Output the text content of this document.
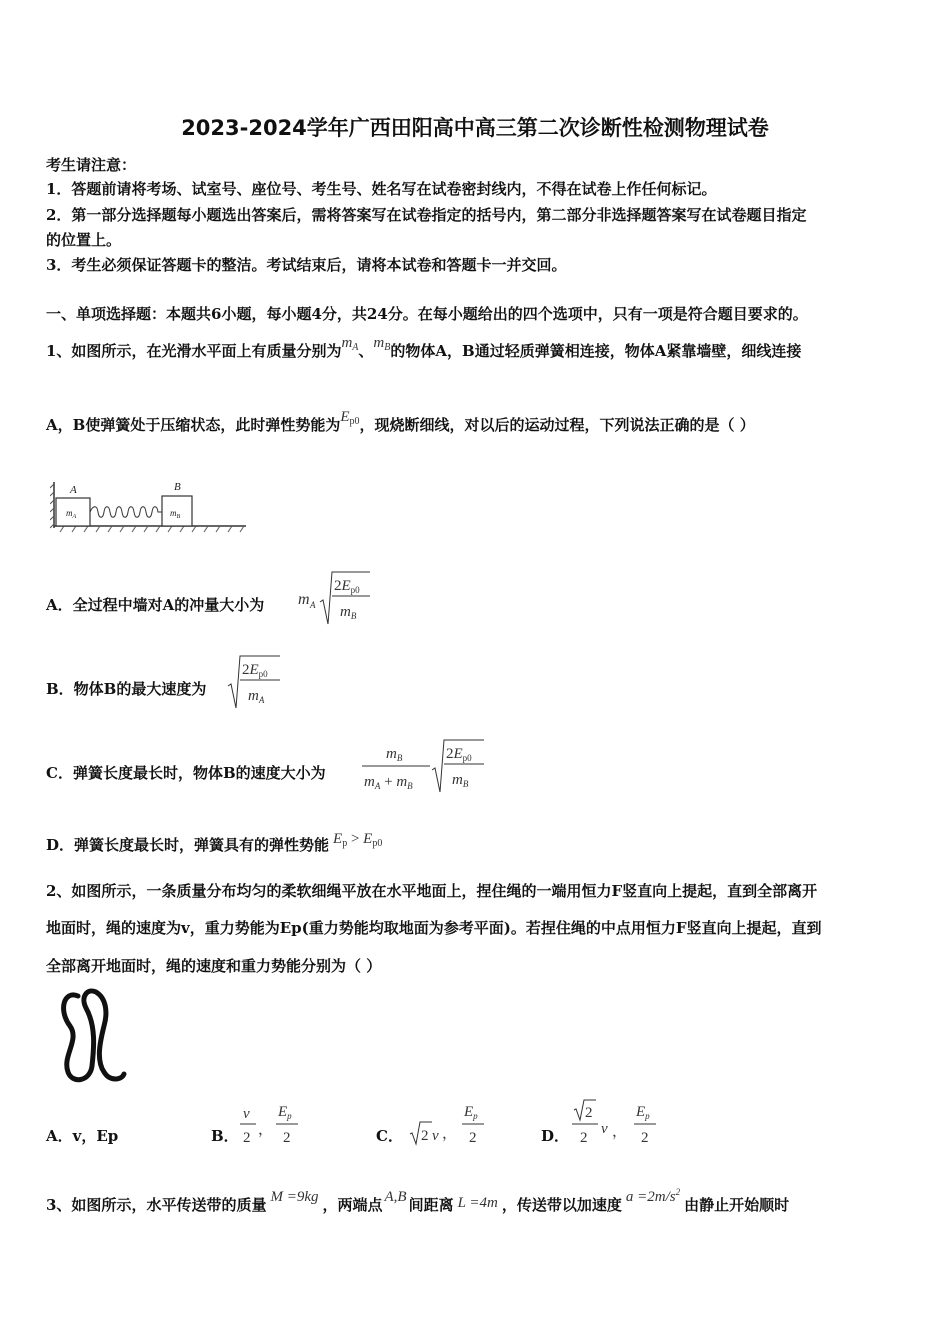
2023-2024学年广西田阳高中高三第二次诊断性检测物理试卷
考生请注意：
1．答题前请将考场、试室号、座位号、考生号、姓名写在试卷密封线内，不得在试卷上作任何标记。
2．第一部分选择题每小题选出答案后，需将答案写在试卷指定的括号内，第二部分非选择题答案写在试卷题目指定
的位置上。
3．考生必须保证答题卡的整洁。考试结束后，请将本试卷和答题卡一并交回。
一、单项选择题：本题共6小题，每小题4分，共24分。在每小题给出的四个选项中，只有一项是符合题目要求的。
1、如图所示，在光滑水平面上有质量分别为$m_A$、$m_B$的物体A，B通过轻质弹簧相连接，物体A紧靠墙壁，细线连接
A，B使弹簧处于压缩状态，此时弹性势能为$E_{p0}$，现烧断细线，对以后的运动过程，下列说法正确的是（ ）
A	B
$m_A$	$m_B$
A．全过程中墙对A的冲量大小为 m A
$2E_{p0}$
$m_B$
B．物体B的最大速度为
$2E_{p0}$
$m_A$
C．弹簧长度最长时，物体B的速度大小为
$m_B$
$m_A + m_B$
$2E_{p0}$
$m_B$
D．弹簧长度最长时，弹簧具有的弹性势能 $E_p > E_{p0}$
2、如图所示，一条质量分布均匀的柔软细绳平放在水平地面上，捏住绳的一端用恒力F竖直向上提起，直到全部离开
地面时，绳的速度为v，重力势能为Ep(重力势能均取地面为参考平面)。若捏住绳的中点用恒力F竖直向上提起，直到
全部离开地面时，绳的速度和重力势能分别为（ ）
A．v，Ep	B．
v
2 ，
$E_p$
2	C． 2 v ，
$E_p$
2	D．
2
2
v ，
$E_p$
2
3、如图所示，水平传送带的质量 M =9kg ，两端点 A,B 间距离 L =4m ，传送带以加速度 $a =2m/s^2$由静止开始顺时
